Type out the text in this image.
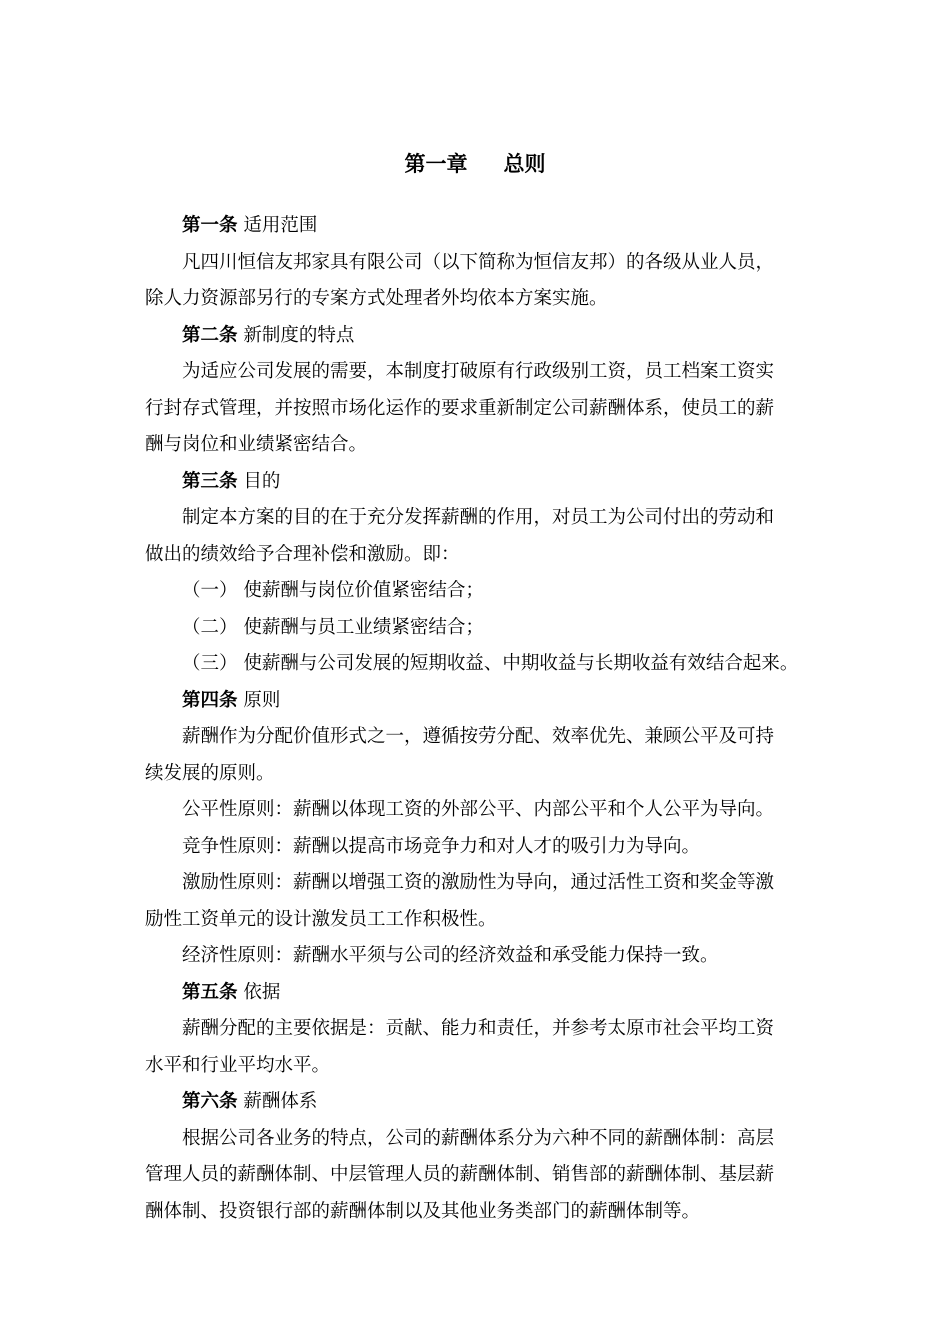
第一章 总则
第一条 适用范围
凡四川恒信友邦家具有限公司（以下简称为恒信友邦）的各级从业人员，
除人力资源部另行的专案方式处理者外均依本方案实施。
第二条 新制度的特点
为适应公司发展的需要，本制度打破原有行政级别工资，员工档案工资实
行封存式管理，并按照市场化运作的要求重新制定公司薪酬体系，使员工的薪
酬与岗位和业绩紧密结合。
第三条 目的
制定本方案的目的在于充分发挥薪酬的作用，对员工为公司付出的劳动和
做出的绩效给予合理补偿和激励。即：
（一） 使薪酬与岗位价值紧密结合；
（二） 使薪酬与员工业绩紧密结合；
（三） 使薪酬与公司发展的短期收益、中期收益与长期收益有效结合起来。
第四条 原则
薪酬作为分配价值形式之一，遵循按劳分配、效率优先、兼顾公平及可持
续发展的原则。
公平性原则：薪酬以体现工资的外部公平、内部公平和个人公平为导向。
竞争性原则：薪酬以提高市场竞争力和对人才的吸引力为导向。
激励性原则：薪酬以增强工资的激励性为导向，通过活性工资和奖金等激
励性工资单元的设计激发员工工作积极性。
经济性原则：薪酬水平须与公司的经济效益和承受能力保持一致。
第五条 依据
薪酬分配的主要依据是：贡献、能力和责任，并参考太原市社会平均工资
水平和行业平均水平。
第六条 薪酬体系
根据公司各业务的特点，公司的薪酬体系分为六种不同的薪酬体制：高层
管理人员的薪酬体制、中层管理人员的薪酬体制、销售部的薪酬体制、基层薪
酬体制、投资银行部的薪酬体制以及其他业务类部门的薪酬体制等。
